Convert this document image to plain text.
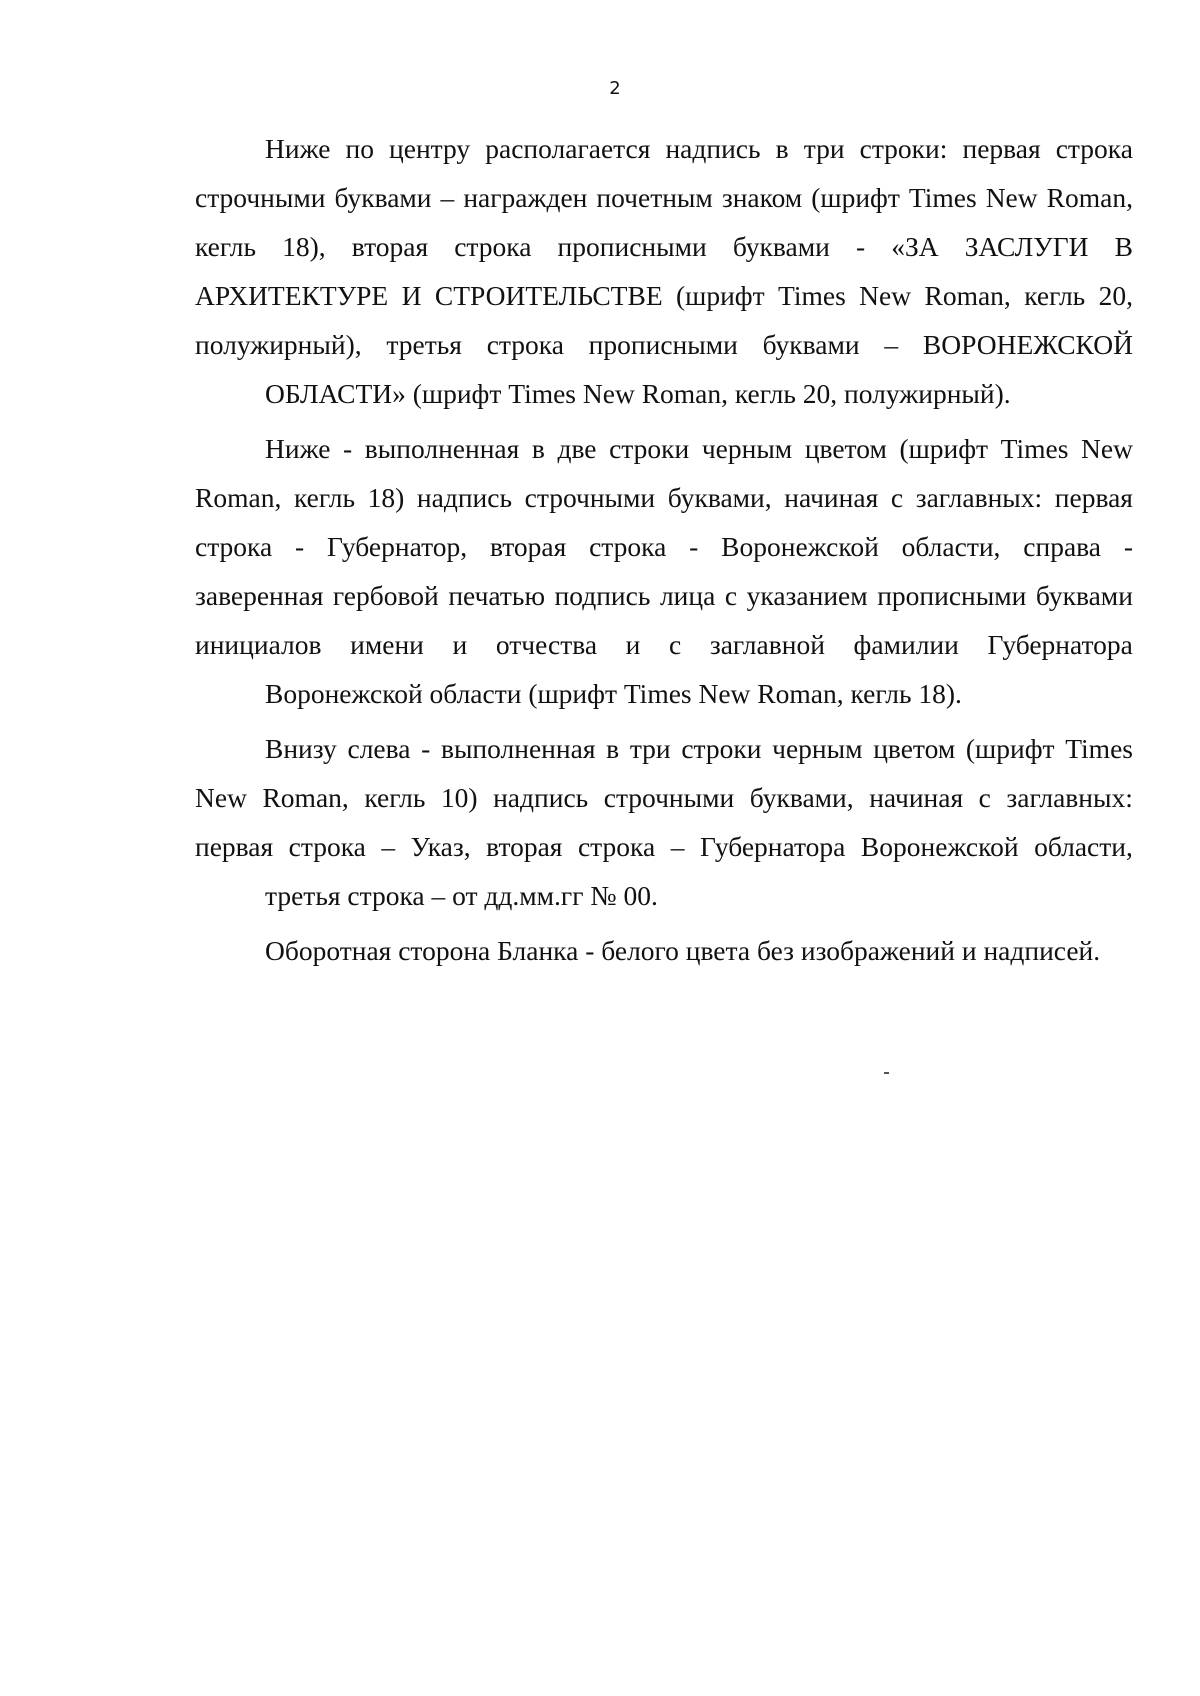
2
Ниже по центру располагается надпись в три строки: первая строка
строчными буквами – награжден почетным знаком (шрифт Times New Roman,
кегль 18), вторая строка прописными буквами - «ЗА ЗАСЛУГИ В
АРХИТЕКТУРЕ И СТРОИТЕЛЬСТВЕ (шрифт Times New Roman, кегль 20,
полужирный), третья строка прописными буквами – ВОРОНЕЖСКОЙ
ОБЛАСТИ» (шрифт Times New Roman, кегль 20, полужирный).
Ниже - выполненная в две строки черным цветом (шрифт Times New
Roman, кегль 18) надпись строчными буквами, начиная с заглавных: первая
строка - Губернатор, вторая строка - Воронежской области, справа -
заверенная гербовой печатью подпись лица с указанием прописными буквами
инициалов имени и отчества и с заглавной фамилии Губернатора
Воронежской области (шрифт Times New Roman, кегль 18).
Внизу слева - выполненная в три строки черным цветом (шрифт Times
New Roman, кегль 10) надпись строчными буквами, начиная с заглавных:
первая строка – Указ, вторая строка – Губернатора Воронежской области,
третья строка – от дд.мм.гг № 00.
Оборотная сторона Бланка - белого цвета без изображений и надписей.
